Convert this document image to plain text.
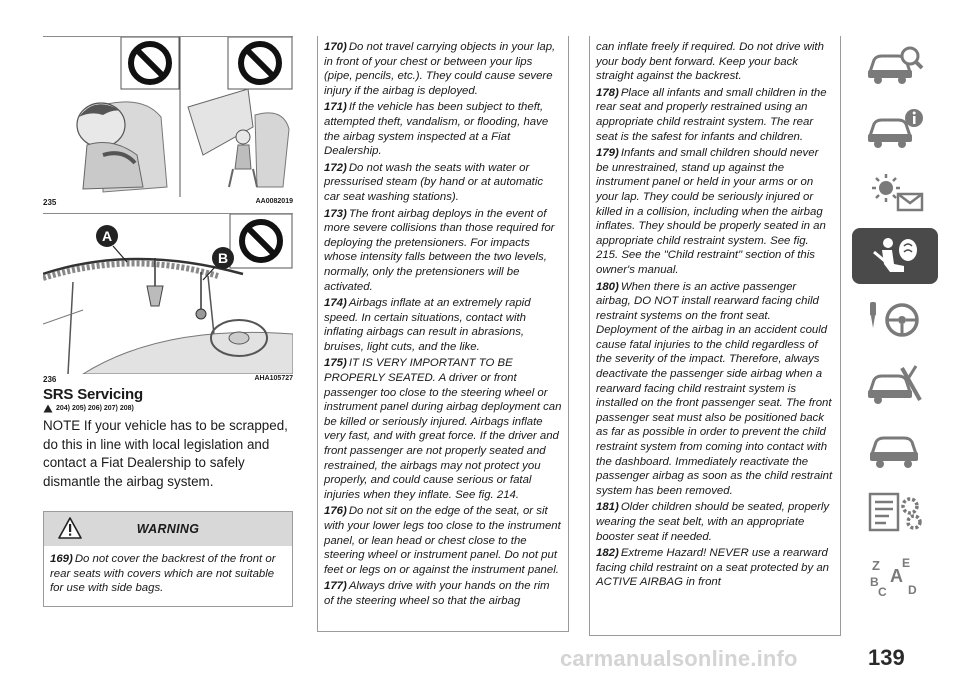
235	AA0082019
A
B
236	AHA105727
SRS Servicing
204) 205) 206) 207) 208)
NOTE If your vehicle has to be scrapped, do this in line with local legislation and contact a Fiat Dealership to safely dismantle the airbag system.
WARNING

169) Do not cover the backrest of the front or rear seats with covers which are not suitable for use with side bags.

170) Do not travel carrying objects in your lap, in front of your chest or between your lips (pipe, pencils, etc.). They could cause severe injury if the airbag is deployed.

171) If the vehicle has been subject to theft, attempted theft, vandalism, or flooding, have the airbag system inspected at a Fiat Dealership.

172) Do not wash the seats with water or pressurised steam (by hand or at automatic car seat washing stations).

173) The front airbag deploys in the event of more severe collisions than those required for deploying the pretensioners. For impacts whose intensity falls between the two levels, normally, only the pretensioners will be activated.

174) Airbags inflate at an extremely rapid speed. In certain situations, contact with inflating airbags can result in abrasions, bruises, light cuts, and the like.

175) IT IS VERY IMPORTANT TO BE PROPERLY SEATED. A driver or front passenger too close to the steering wheel or instrument panel during airbag deployment can be killed or seriously injured. Airbags inflate very fast, and with great force. If the driver and front passenger are not properly seated and restrained, the airbags may not protect you properly, and could cause serious or fatal injuries when they inflate. See fig. 214.

176) Do not sit on the edge of the seat, or sit with your lower legs too close to the instrument panel, or lean head or chest close to the steering wheel or instrument panel. Do not put feet or legs on or against the instrument panel.

177) Always drive with your hands on the rim of the steering wheel so that the airbag

can inflate freely if required. Do not drive with your body bent forward. Keep your back straight against the backrest.

178) Place all infants and small children in the rear seat and properly restrained using an appropriate child restraint system. The rear seat is the safest for infants and children.

179) Infants and small children should never be unrestrained, stand up against the instrument panel or held in your arms or on your lap. They could be seriously injured or killed in a collision, including when the airbag inflates. They should be properly seated in an appropriate child restraint system. See fig. 215. See the "Child restraint" section of this owner's manual.

180) When there is an active passenger airbag, DO NOT install rearward facing child restraint systems on the front seat. Deployment of the airbag in an accident could cause fatal injuries to the child regardless of the severity of the impact. Therefore, always deactivate the passenger side airbag when a rearward facing child restraint system is installed on the front passenger seat. The front passenger seat must also be positioned back as far as possible in order to prevent the child restraint system from coming into contact with the dashboard. Immediately reactivate the passenger airbag as soon as the child restraint system has been removed.

181) Older children should be seated, properly wearing the seat belt, with an appropriate booster seat if needed.

182) Extreme Hazard! NEVER use a rearward facing child restraint on a seat protected by an ACTIVE AIRBAG in front

Z E
A
B
C D
carmanualsonline.info	139
